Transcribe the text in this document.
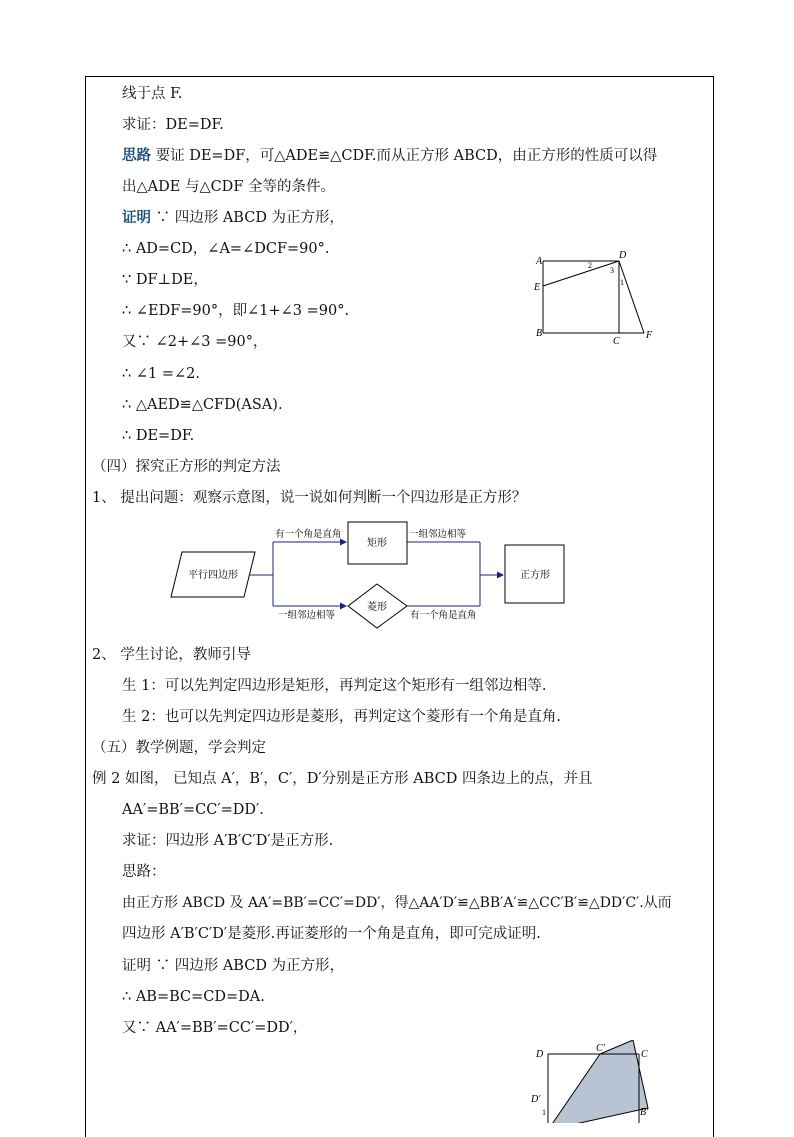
线于点 F.
求证：DE=DF.
思路 要证 DE=DF，可△ADE≌△CDF.而从正方形 ABCD，由正方形的性质可以得
出△ADE 与△CDF 全等的条件。
证明 ∵ 四边形 ABCD 为正方形，
∴ AD=CD，∠A=∠DCF=90°.
∵ DF⊥DE，
∴ ∠EDF=90°，即∠1+∠3 =90°.
又∵ ∠2+∠3 =90°，
∴ ∠1 =∠2.
∴ △AED≌△CFD(ASA).
∴ DE=DF.
（四）探究正方形的判定方法
1、 提出问题：观察示意图，说一说如何判断一个四边形是正方形？
2、 学生讨论，教师引导
生 1：可以先判定四边形是矩形，再判定这个矩形有一组邻边相等.
生 2：也可以先判定四边形是菱形，再判定这个菱形有一个角是直角.
（五）教学例题，学会判定
例 2 如图， 已知点 A′，B′，C′，D′分别是正方形 ABCD 四条边上的点，并且
AA′=BB′=CC′=DD′.
求证：四边形 A′B′C′D′是正方形.
思路：
由正方形 ABCD 及 AA′=BB′=CC′=DD′，得△AA′D′≌△BB′A′≌△CC′B′≌△DD′C′.从而
四边形 A′B′C′D′是菱形.再证菱形的一个角是直角，即可完成证明.
证明 ∵ 四边形 ABCD 为正方形，
∴ AB=BC=CD=DA.
又∵ AA′=BB′=CC′=DD′，
A
D
E
B
C
F
1
2
3
平行四边形
矩形
菱形
正方形
有一个角是直角	一组邻边相等
一组邻边相等	有一个角是直角
D
C′
C
D′
B′
1
